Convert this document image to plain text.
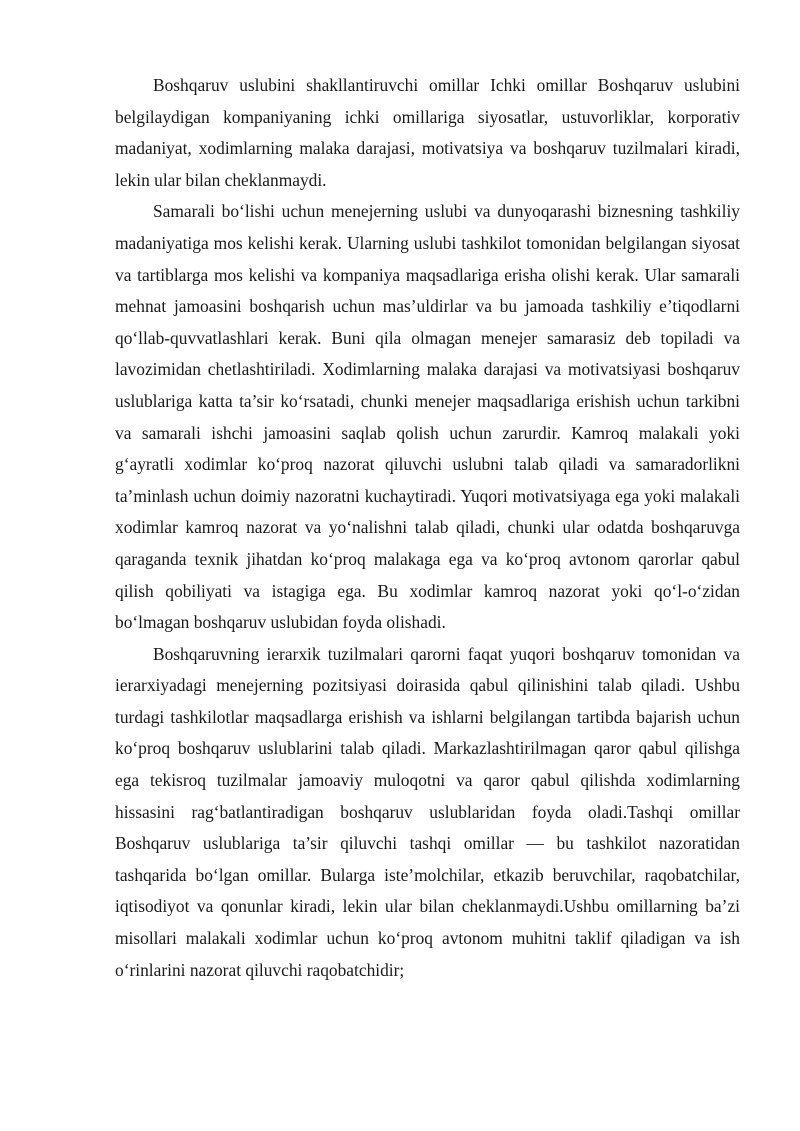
Boshqaruv uslubini shakllantiruvchi omillar Ichki omillar Boshqaruv uslubini belgilaydigan kompaniyaning ichki omillariga siyosatlar, ustuvorliklar, korporativ madaniyat, xodimlarning malaka darajasi, motivatsiya va boshqaruv tuzilmalari kiradi, lekin ular bilan cheklanmaydi.

Samarali bo‘lishi uchun menejerning uslubi va dunyoqarashi biznesning tashkiliy madaniyatiga mos kelishi kerak. Ularning uslubi tashkilot tomonidan belgilangan siyosat va tartiblarga mos kelishi va kompaniya maqsadlariga erisha olishi kerak. Ular samarali mehnat jamoasini boshqarish uchun mas’uldirlar va bu jamoada tashkiliy e’tiqodlarni qo‘llab-quvvatlashlari kerak. Buni qila olmagan menejer samarasiz deb topiladi va lavozimidan chetlashtiriladi. Xodimlarning malaka darajasi va motivatsiyasi boshqaruv uslublariga katta ta’sir ko‘rsatadi, chunki menejer maqsadlariga erishish uchun tarkibni va samarali ishchi jamoasini saqlab qolish uchun zarurdir. Kamroq malakali yoki g‘ayratli xodimlar ko‘proq nazorat qiluvchi uslubni talab qiladi va samaradorlikni ta’minlash uchun doimiy nazoratni kuchaytiradi. Yuqori motivatsiyaga ega yoki malakali xodimlar kamroq nazorat va yo‘nalishni talab qiladi, chunki ular odatda boshqaruvga qaraganda texnik jihatdan ko‘proq malakaga ega va ko‘proq avtonom qarorlar qabul qilish qobiliyati va istagiga ega. Bu xodimlar kamroq nazorat yoki qo‘l-o‘zidan bo‘lmagan boshqaruv uslubidan foyda olishadi.

Boshqaruvning ierarxik tuzilmalari qarorni faqat yuqori boshqaruv tomonidan va ierarxiyadagi menejerning pozitsiyasi doirasida qabul qilinishini talab qiladi. Ushbu turdagi tashkilotlar maqsadlarga erishish va ishlarni belgilangan tartibda bajarish uchun ko‘proq boshqaruv uslublarini talab qiladi. Markazlashtirilmagan qaror qabul qilishga ega tekisroq tuzilmalar jamoaviy muloqotni va qaror qabul qilishda xodimlarning hissasini rag‘batlantiradigan boshqaruv uslublaridan foyda oladi.Tashqi omillar Boshqaruv uslublariga ta’sir qiluvchi tashqi omillar — bu tashkilot nazoratidan tashqarida bo‘lgan omillar. Bularga iste’molchilar, etkazib beruvchilar, raqobatchilar, iqtisodiyot va qonunlar kiradi, lekin ular bilan cheklanmaydi.Ushbu omillarning ba’zi misollari malakali xodimlar uchun ko‘proq avtonom muhitni taklif qiladigan va ish o‘rinlarini nazorat qiluvchi raqobatchidir;
